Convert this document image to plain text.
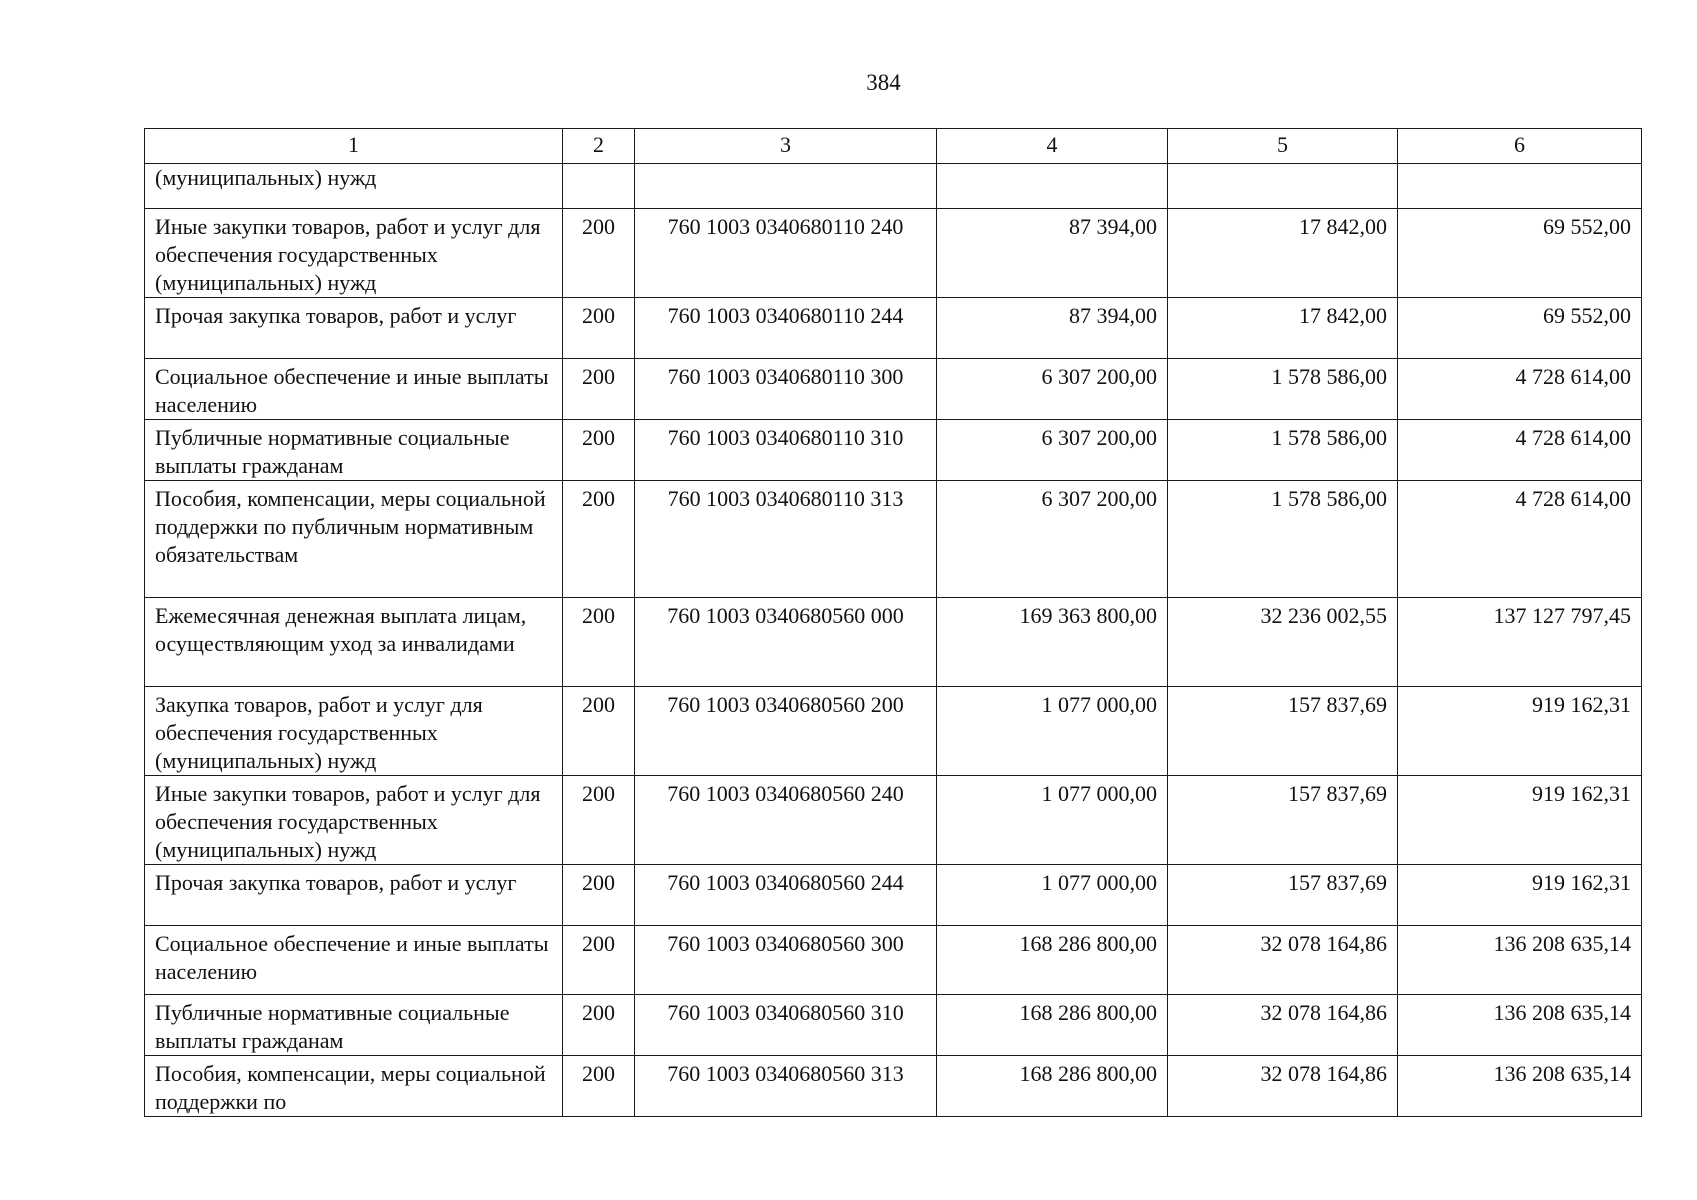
384
1	2	3	4	5	6
(муниципальных) нужд					
Иные закупки товаров, работ и услуг для обеспечения государственных (муниципальных) нужд	200	760 1003 0340680110 240	87 394,00	17 842,00	69 552,00
Прочая закупка товаров, работ и услуг	200	760 1003 0340680110 244	87 394,00	17 842,00	69 552,00
Социальное обеспечение и иные выплаты населению	200	760 1003 0340680110 300	6 307 200,00	1 578 586,00	4 728 614,00
Публичные нормативные социальные выплаты гражданам	200	760 1003 0340680110 310	6 307 200,00	1 578 586,00	4 728 614,00
Пособия, компенсации, меры социальной поддержки по публичным нормативным обязательствам	200	760 1003 0340680110 313	6 307 200,00	1 578 586,00	4 728 614,00
Ежемесячная денежная выплата лицам, осуществляющим уход за инвалидами	200	760 1003 0340680560 000	169 363 800,00	32 236 002,55	137 127 797,45
Закупка товаров, работ и услуг для обеспечения государственных (муниципальных) нужд	200	760 1003 0340680560 200	1 077 000,00	157 837,69	919 162,31
Иные закупки товаров, работ и услуг для обеспечения государственных (муниципальных) нужд	200	760 1003 0340680560 240	1 077 000,00	157 837,69	919 162,31
Прочая закупка товаров, работ и услуг	200	760 1003 0340680560 244	1 077 000,00	157 837,69	919 162,31
Социальное обеспечение и иные выплаты населению	200	760 1003 0340680560 300	168 286 800,00	32 078 164,86	136 208 635,14
Публичные нормативные социальные выплаты гражданам	200	760 1003 0340680560 310	168 286 800,00	32 078 164,86	136 208 635,14
Пособия, компенсации, меры социальной поддержки по	200	760 1003 0340680560 313	168 286 800,00	32 078 164,86	136 208 635,14
